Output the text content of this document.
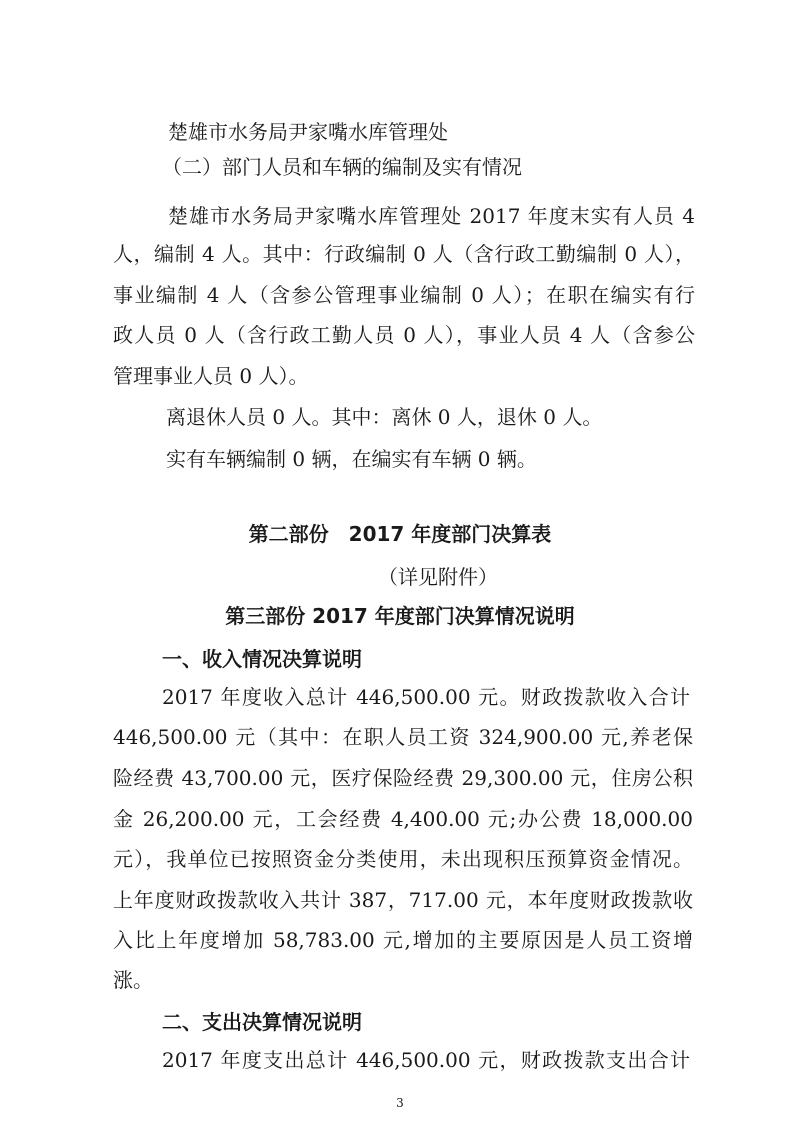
楚雄市水务局尹家嘴水库管理处

（二）部门人员和车辆的编制及实有情况

楚雄市水务局尹家嘴水库管理处 2017 年度末实有人员 4

人，编制 4 人。其中：行政编制 0 人（含行政工勤编制 0 人），

事业编制 4 人（含参公管理事业编制 0 人）；在职在编实有行

政人员 0 人（含行政工勤人员 0 人），事业人员 4 人（含参公

管理事业人员 0 人）。

离退休人员 0 人。其中：离休 0 人，退休 0 人。

实有车辆编制 0 辆，在编实有车辆 0 辆。

第二部份　2017 年度部门决算表

（详见附件）

第三部份 2017 年度部门决算情况说明

一、收入情况决算说明

2017 年度收入总计 446,500.00 元。财政拨款收入合计

446,500.00 元（其中：在职人员工资 324,900.00 元,养老保

险经费 43,700.00 元，医疗保险经费 29,300.00 元，住房公积

金 26,200.00 元，工会经费 4,400.00 元;办公费 18,000.00

元），我单位已按照资金分类使用，未出现积压预算资金情况。

上年度财政拨款收入共计 387，717.00 元，本年度财政拨款收

入比上年度增加 58,783.00 元,增加的主要原因是人员工资增

涨。

二、支出决算情况说明

2017 年度支出总计 446,500.00 元，财政拨款支出合计

3
